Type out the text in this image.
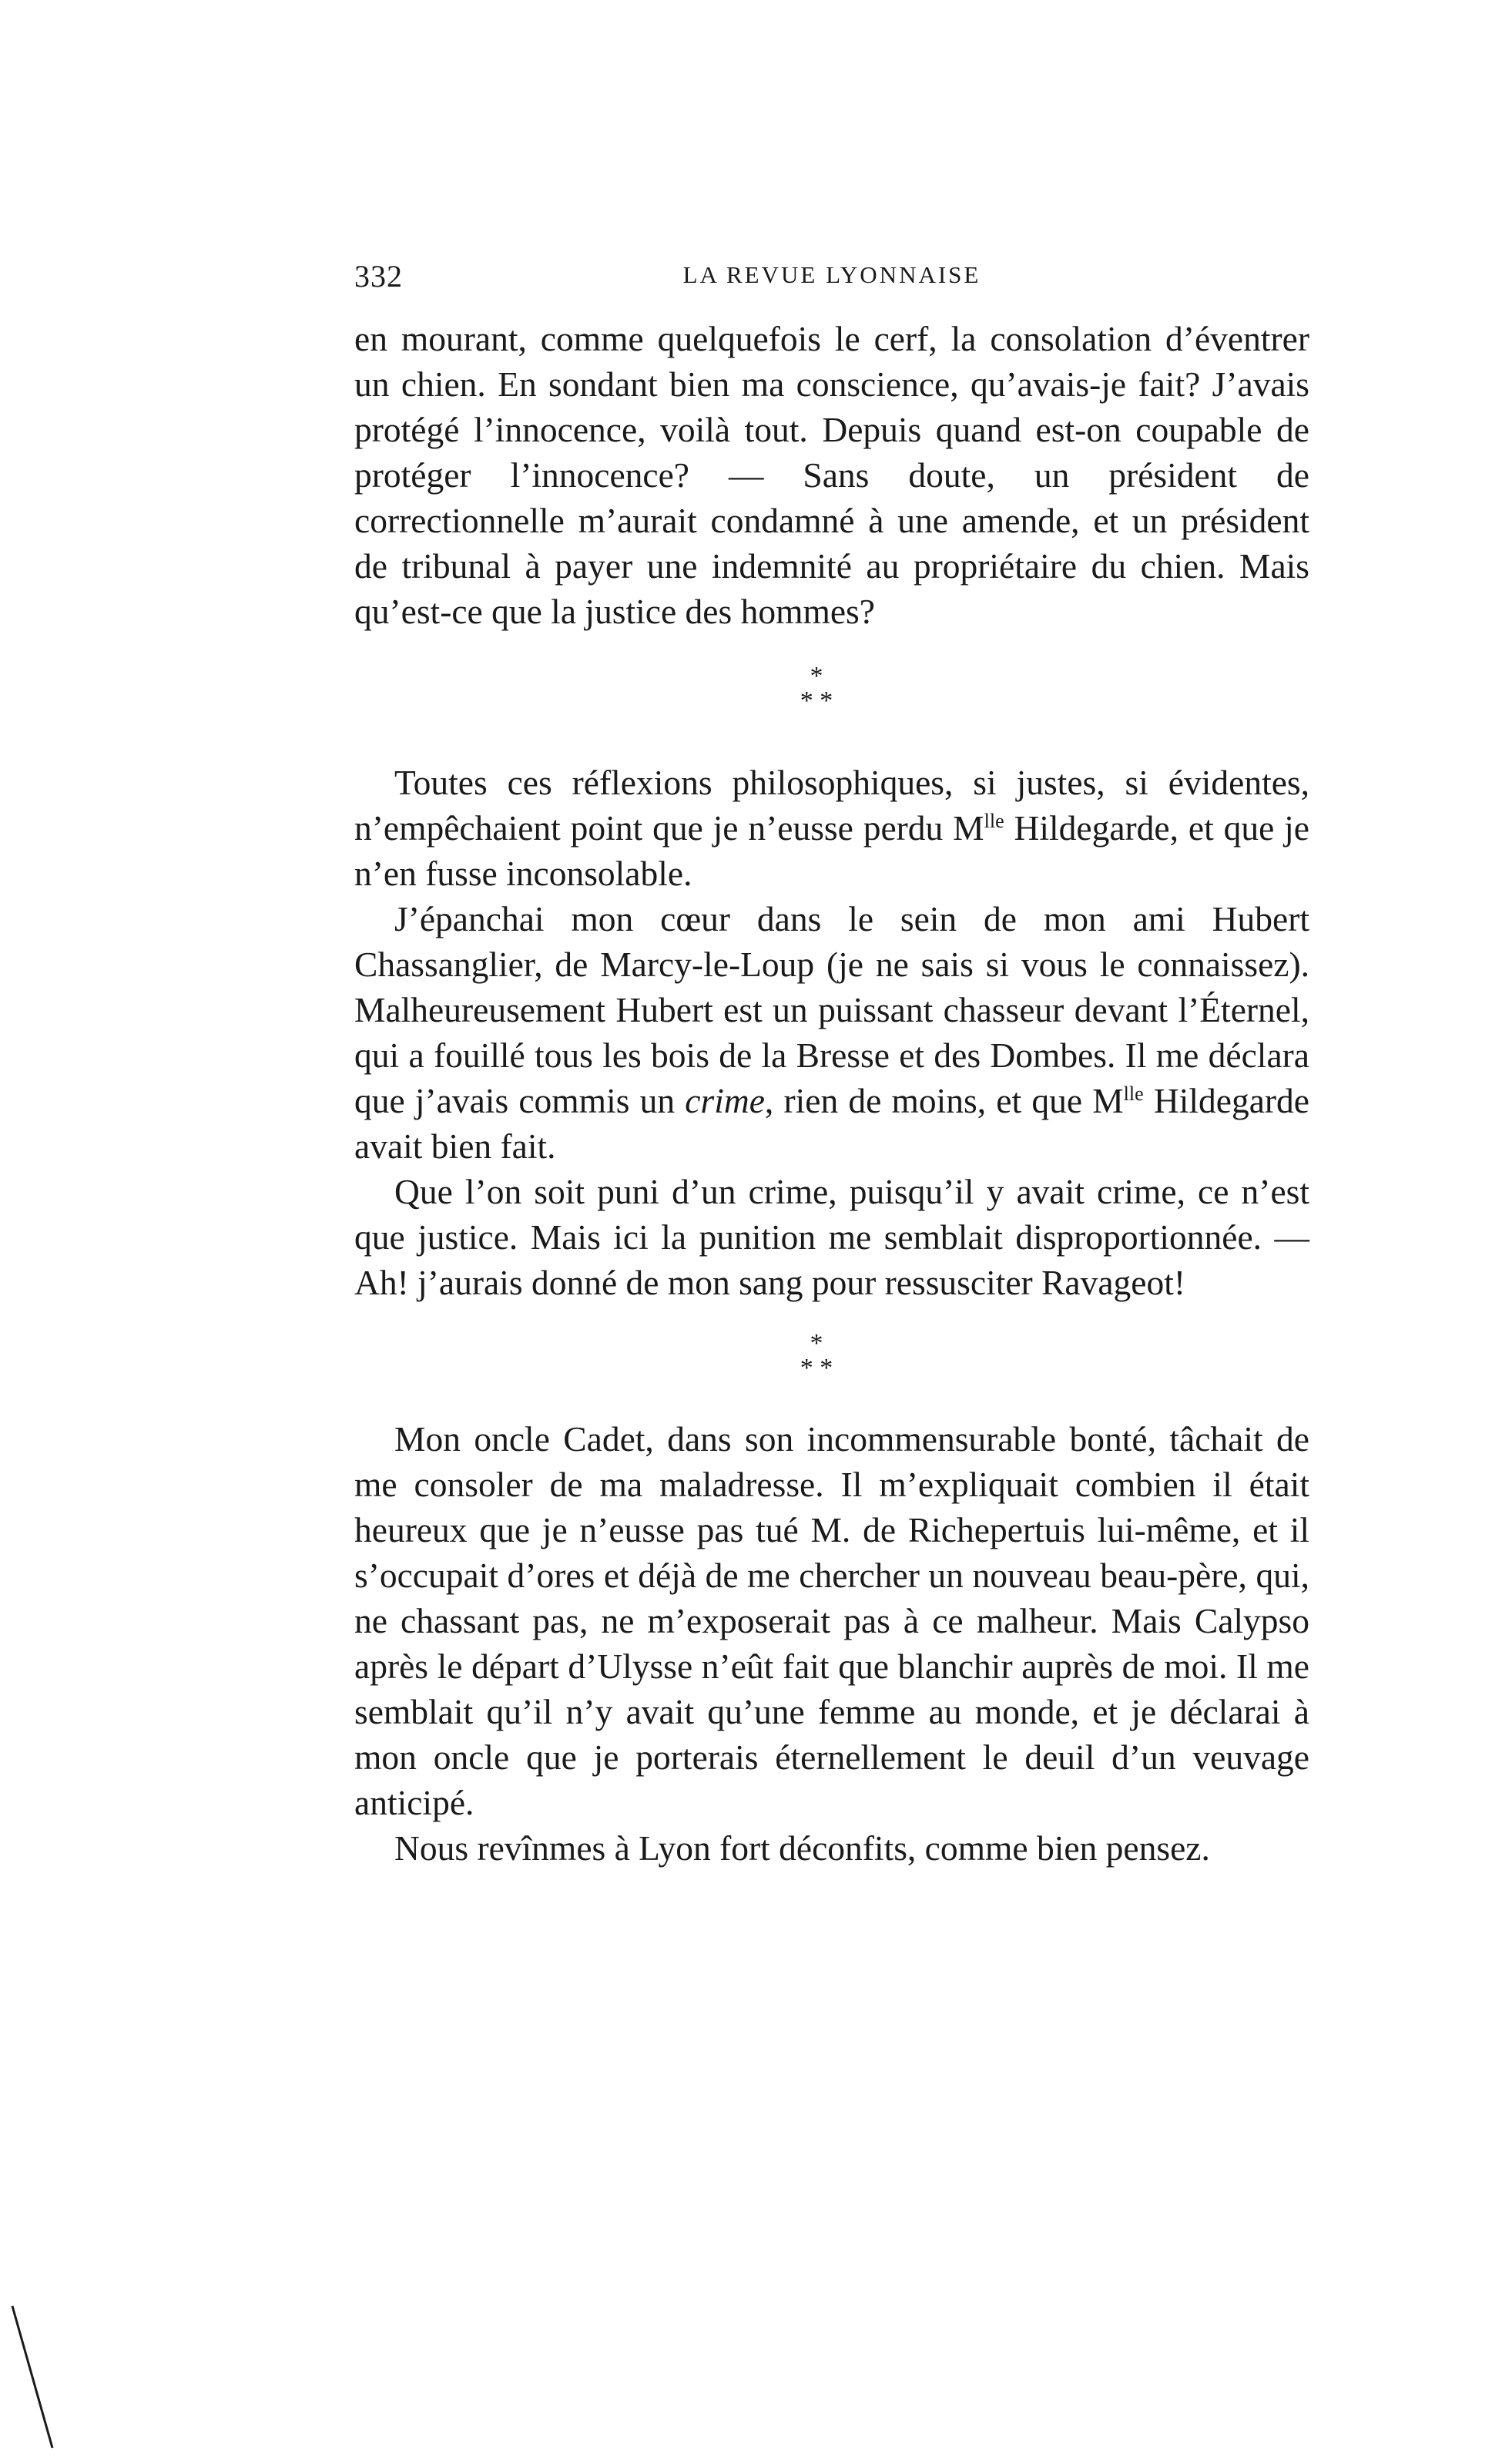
332	LA REVUE LYONNAISE

en mourant, comme quelquefois le cerf, la consolation d’éventrer un chien. En sondant bien ma conscience, qu’avais-je fait? J’avais protégé l’innocence, voilà tout. Depuis quand est-on coupable de protéger l’innocence? — Sans doute, un président de correctionnelle m’aurait condamné à une amende, et un président de tribunal à payer une indemnité au propriétaire du chien. Mais qu’est-ce que la justice des hommes?

*
* *

Toutes ces réflexions philosophiques, si justes, si évidentes, n’empêchaient point que je n’eusse perdu $M^{lle}$ Hildegarde, et que je n’en fusse inconsolable.

J’épanchai mon cœur dans le sein de mon ami Hubert Chassanglier, de Marcy-le-Loup (je ne sais si vous le connaissez). Malheureusement Hubert est un puissant chasseur devant l’Éternel, qui a fouillé tous les bois de la Bresse et des Dombes. Il me déclara que j’avais commis un crime, rien de moins, et que $M^{lle}$ Hildegarde avait bien fait.

Que l’on soit puni d’un crime, puisqu’il y avait crime, ce n’est que justice. Mais ici la punition me semblait disproportionnée. — Ah! j’aurais donné de mon sang pour ressusciter Ravageot!

*
* *

Mon oncle Cadet, dans son incommensurable bonté, tâchait de me consoler de ma maladresse. Il m’expliquait combien il était heureux que je n’eusse pas tué M. de Richepertuis lui-même, et il s’occupait d’ores et déjà de me chercher un nouveau beau-père, qui, ne chassant pas, ne m’exposerait pas à ce malheur. Mais Calypso après le départ d’Ulysse n’eût fait que blanchir auprès de moi. Il me semblait qu’il n’y avait qu’une femme au monde, et je déclarai à mon oncle que je porterais éternellement le deuil d’un veuvage anticipé.

Nous revînmes à Lyon fort déconfits, comme bien pensez.
